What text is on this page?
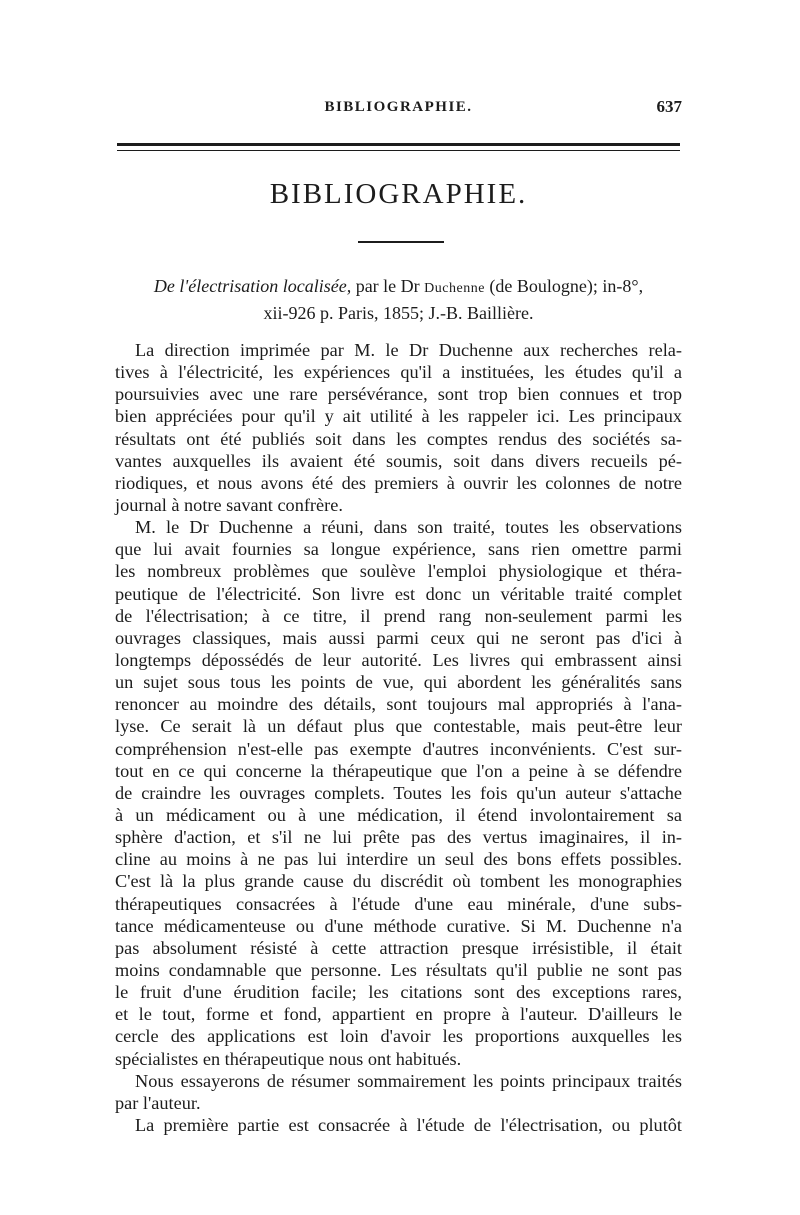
BIBLIOGRAPHIE.	637
BIBLIOGRAPHIE.
De l'électrisation localisée, par le Dr Duchenne (de Boulogne); in-8°,
xii-926 p. Paris, 1855; J.-B. Baillière.
La direction imprimée par M. le Dr Duchenne aux recherches rela-
tives à l'électricité, les expériences qu'il a instituées, les études qu'il a
poursuivies avec une rare persévérance, sont trop bien connues et trop
bien appréciées pour qu'il y ait utilité à les rappeler ici. Les principaux
résultats ont été publiés soit dans les comptes rendus des sociétés sa-
vantes auxquelles ils avaient été soumis, soit dans divers recueils pé-
riodiques, et nous avons été des premiers à ouvrir les colonnes de notre
journal à notre savant confrère.
M. le Dr Duchenne a réuni, dans son traité, toutes les observations
que lui avait fournies sa longue expérience, sans rien omettre parmi
les nombreux problèmes que soulève l'emploi physiologique et théra-
peutique de l'électricité. Son livre est donc un véritable traité complet
de l'électrisation; à ce titre, il prend rang non-seulement parmi les
ouvrages classiques, mais aussi parmi ceux qui ne seront pas d'ici à
longtemps dépossédés de leur autorité. Les livres qui embrassent ainsi
un sujet sous tous les points de vue, qui abordent les généralités sans
renoncer au moindre des détails, sont toujours mal appropriés à l'ana-
lyse. Ce serait là un défaut plus que contestable, mais peut-être leur
compréhension n'est-elle pas exempte d'autres inconvénients. C'est sur-
tout en ce qui concerne la thérapeutique que l'on a peine à se défendre
de craindre les ouvrages complets. Toutes les fois qu'un auteur s'attache
à un médicament ou à une médication, il étend involontairement sa
sphère d'action, et s'il ne lui prête pas des vertus imaginaires, il in-
cline au moins à ne pas lui interdire un seul des bons effets possibles.
C'est là la plus grande cause du discrédit où tombent les monographies
thérapeutiques consacrées à l'étude d'une eau minérale, d'une subs-
tance médicamenteuse ou d'une méthode curative. Si M. Duchenne n'a
pas absolument résisté à cette attraction presque irrésistible, il était
moins condamnable que personne. Les résultats qu'il publie ne sont pas
le fruit d'une érudition facile; les citations sont des exceptions rares,
et le tout, forme et fond, appartient en propre à l'auteur. D'ailleurs le
cercle des applications est loin d'avoir les proportions auxquelles les
spécialistes en thérapeutique nous ont habitués.
Nous essayerons de résumer sommairement les points principaux traités
par l'auteur.
La première partie est consacrée à l'étude de l'électrisation, ou plutôt
